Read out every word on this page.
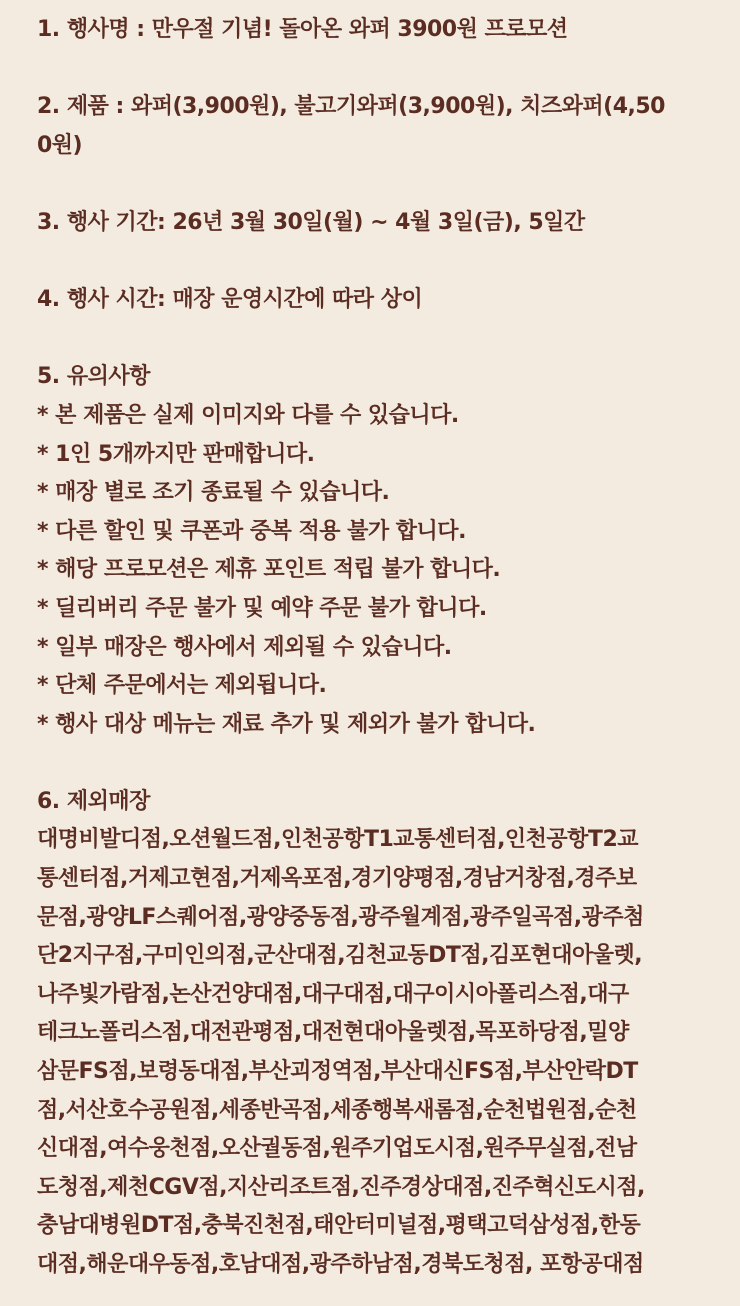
1. 행사명 : 만우절 기념! 돌아온 와퍼 3900원 프로모션
2. 제품 : 와퍼(3,900원), 불고기와퍼(3,900원), 치즈와퍼(4,50
0원)
3. 행사 기간: 26년 3월 30일(월) ~ 4월 3일(금), 5일간
4. 행사 시간: 매장 운영시간에 따라 상이
5. 유의사항
* 본 제품은 실제 이미지와 다를 수 있습니다.
* 1인 5개까지만 판매합니다.
* 매장 별로 조기 종료될 수 있습니다.
* 다른 할인 및 쿠폰과 중복 적용 불가 합니다.
* 해당 프로모션은 제휴 포인트 적립 불가 합니다.
* 딜리버리 주문 불가 및 예약 주문 불가 합니다.
* 일부 매장은 행사에서 제외될 수 있습니다.
* 단체 주문에서는 제외됩니다.
* 행사 대상 메뉴는 재료 추가 및 제외가 불가 합니다.
6. 제외매장
대명비발디점,오션월드점,인천공항T1교통센터점,인천공항T2교
통센터점,거제고현점,거제옥포점,경기양평점,경남거창점,경주보
문점,광양LF스퀘어점,광양중동점,광주월계점,광주일곡점,광주첨
단2지구점,구미인의점,군산대점,김천교동DT점,김포현대아울렛,
나주빛가람점,논산건양대점,대구대점,대구이시아폴리스점,대구
테크노폴리스점,대전관평점,대전현대아울렛점,목포하당점,밀양
삼문FS점,보령동대점,부산괴정역점,부산대신FS점,부산안락DT
점,서산호수공원점,세종반곡점,세종행복새롬점,순천법원점,순천
신대점,여수웅천점,오산궐동점,원주기업도시점,원주무실점,전남
도청점,제천CGV점,지산리조트점,진주경상대점,진주혁신도시점,
충남대병원DT점,충북진천점,태안터미널점,평택고덕삼성점,한동
대점,해운대우동점,호남대점,광주하남점,경북도청점, 포항공대점
